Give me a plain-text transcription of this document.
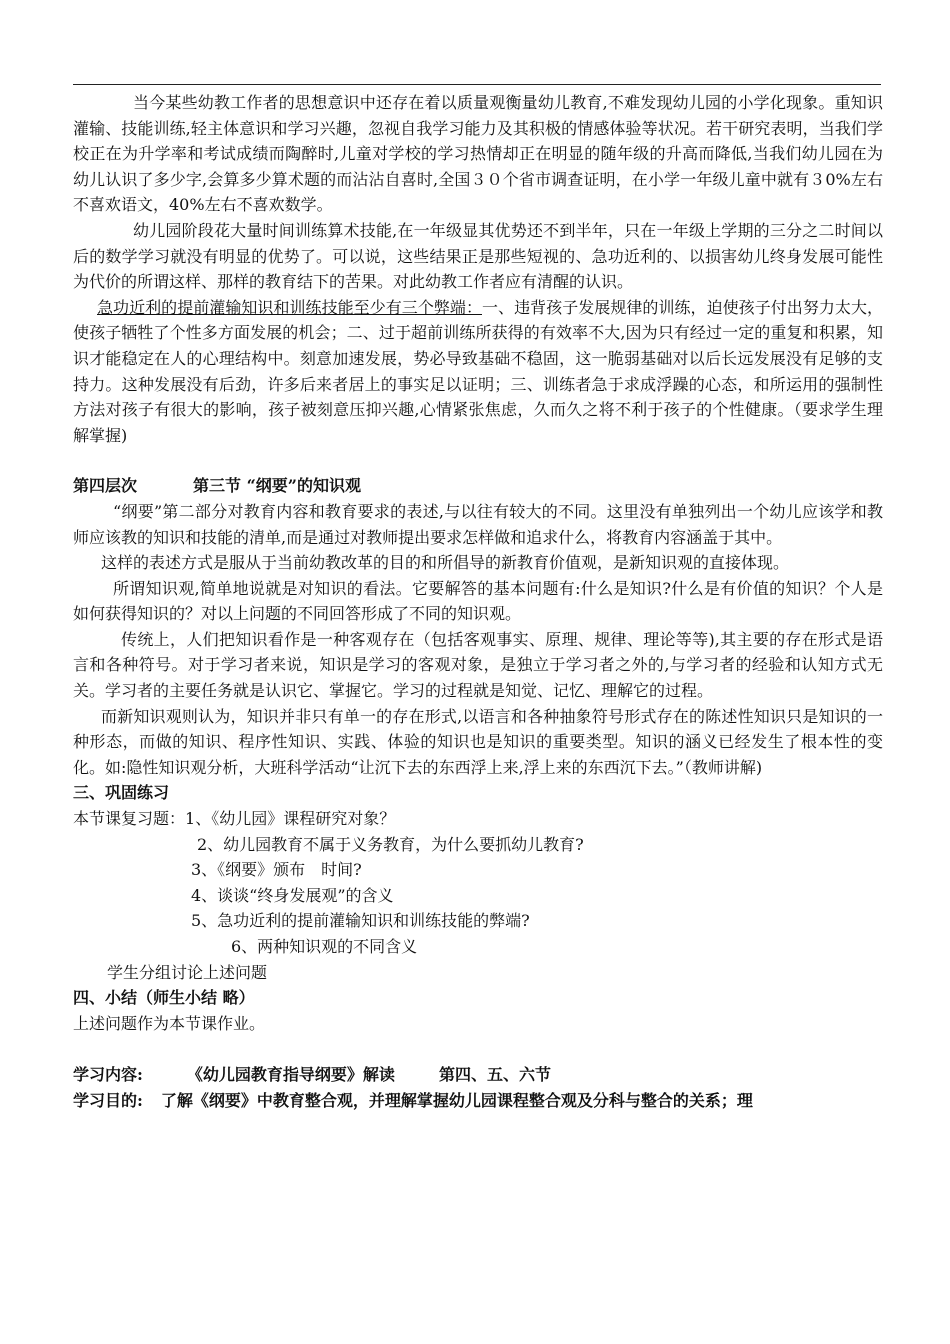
当今某些幼教工作者的思想意识中还存在着以质量观衡量幼儿教育,不难发现幼儿园的小学化现象。重知识灌输、技能训练,轻主体意识和学习兴趣，忽视自我学习能力及其积极的情感体验等状况。若干研究表明，当我们学校正在为升学率和考试成绩而陶醉时,儿童对学校的学习热情却正在明显的随年级的升高而降低,当我们幼儿园在为幼儿认识了多少字,会算多少算术题的而沾沾自喜时,全国３０个省市调查证明，在小学一年级儿童中就有３0%左右不喜欢语文，40%左右不喜欢数学。

幼儿园阶段花大量时间训练算术技能,在一年级显其优势还不到半年，只在一年级上学期的三分之二时间以后的数学学习就没有明显的优势了。可以说，这些结果正是那些短视的、急功近利的、以损害幼儿终身发展可能性为代价的所谓这样、那样的教育结下的苦果。对此幼教工作者应有清醒的认识。

急功近利的提前灌输知识和训练技能至少有三个弊端：一、违背孩子发展规律的训练，迫使孩子付出努力太大，使孩子牺牲了个性多方面发展的机会；二、过于超前训练所获得的有效率不大,因为只有经过一定的重复和积累，知识才能稳定在人的心理结构中。刻意加速发展，势必导致基础不稳固，这一脆弱基础对以后长远发展没有足够的支持力。这种发展没有后劲，许多后来者居上的事实足以证明；三、训练者急于求成浮躁的心态，和所运用的强制性方法对孩子有很大的影响，孩子被刻意压抑兴趣,心情紧张焦虑，久而久之将不利于孩子的个性健康。（要求学生理解掌握)

第四层次	第三节 “纲要”的知识观

“纲要”第二部分对教育内容和教育要求的表述,与以往有较大的不同。这里没有单独列出一个幼儿应该学和教师应该教的知识和技能的清单,而是通过对教师提出要求怎样做和追求什么，将教育内容涵盖于其中。

这样的表述方式是服从于当前幼教改革的目的和所倡导的新教育价值观，是新知识观的直接体现。

所谓知识观,简单地说就是对知识的看法。它要解答的基本问题有:什么是知识?什么是有价值的知识？个人是如何获得知识的？对以上问题的不同回答形成了不同的知识观。

传统上，人们把知识看作是一种客观存在（包括客观事实、原理、规律、理论等等),其主要的存在形式是语言和各种符号。对于学习者来说，知识是学习的客观对象，是独立于学习者之外的,与学习者的经验和认知方式无关。学习者的主要任务就是认识它、掌握它。学习的过程就是知觉、记忆、理解它的过程。

而新知识观则认为，知识并非只有单一的存在形式,以语言和各种抽象符号形式存在的陈述性知识只是知识的一种形态，而做的知识、程序性知识、实践、体验的知识也是知识的重要类型。知识的涵义已经发生了根本性的变化。如:隐性知识观分析，大班科学活动“让沉下去的东西浮上来,浮上来的东西沉下去。”（教师讲解)

三、巩固练习

本节课复习题：1、《幼儿园》课程研究对象？

2、幼儿园教育不属于义务教育，为什么要抓幼儿教育?

3、《纲要》颁布　时间?

4、谈谈“终身发展观”的含义

5、急功近利的提前灌输知识和训练技能的弊端?

6、两种知识观的不同含义

学生分组讨论上述问题

四、小结（师生小结 略）

上述问题作为本节课作业。

学习内容:	《幼儿园教育指导纲要》解读	第四、五、六节

学习目的: 了解《纲要》中教育整合观，并理解掌握幼儿园课程整合观及分科与整合的关系；理
